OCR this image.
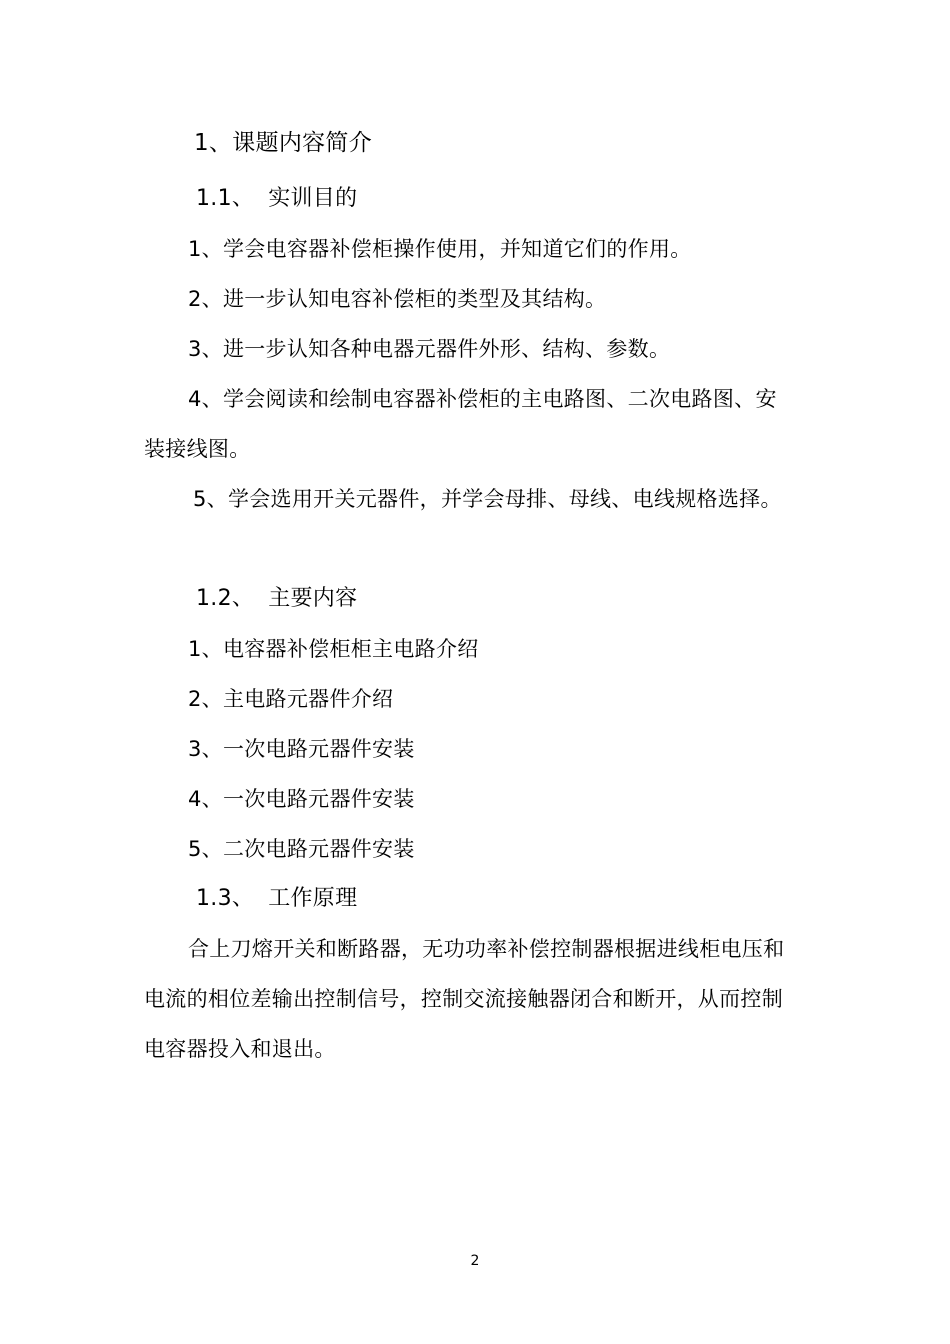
1、课题内容简介
1.1、 实训目的
1、学会电容器补偿柜操作使用，并知道它们的作用。
2、进一步认知电容补偿柜的类型及其结构。
3、进一步认知各种电器元器件外形、结构、参数。
4、学会阅读和绘制电容器补偿柜的主电路图、二次电路图、安
装接线图。
5、学会选用开关元器件，并学会母排、母线、电线规格选择。
1.2、 主要内容
1、电容器补偿柜柜主电路介绍
2、主电路元器件介绍
3、一次电路元器件安装
4、一次电路元器件安装
5、二次电路元器件安装
1.3、 工作原理
合上刀熔开关和断路器，无功功率补偿控制器根据进线柜电压和
电流的相位差输出控制信号，控制交流接触器闭合和断开，从而控制
电容器投入和退出。
2
